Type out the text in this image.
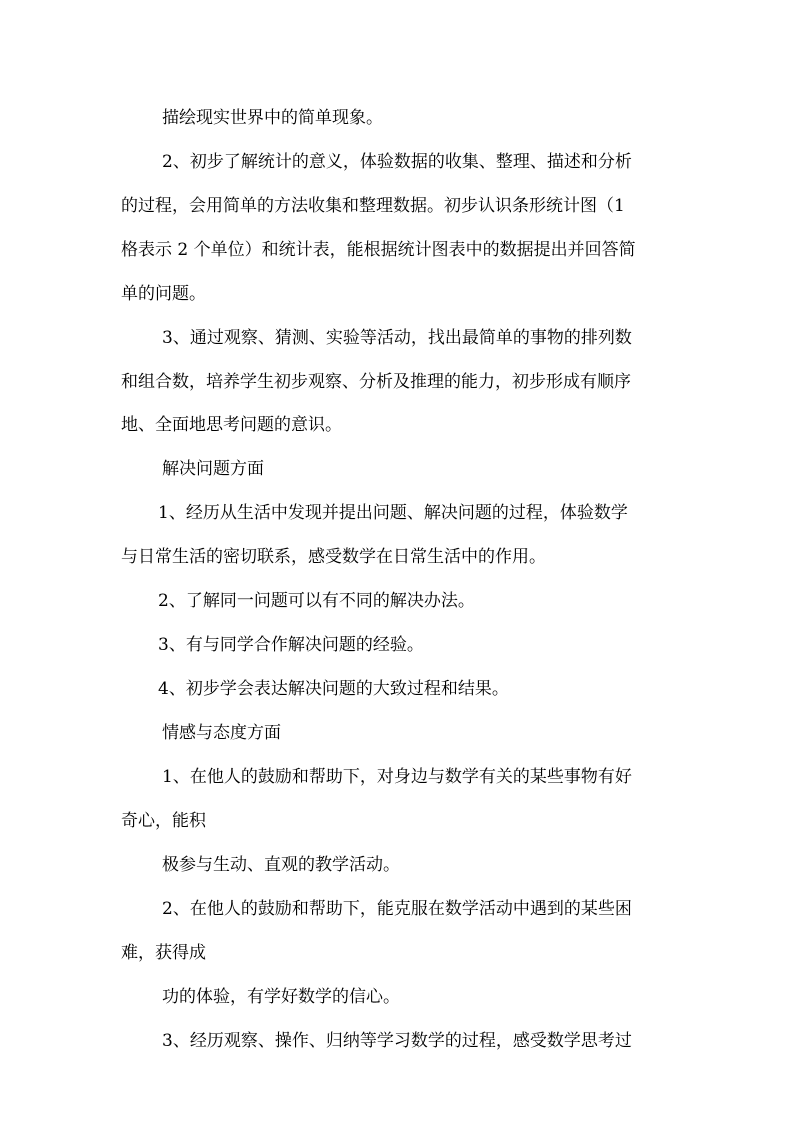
描绘现实世界中的简单现象。
2、初步了解统计的意义，体验数据的收集、整理、描述和分析
的过程，会用简单的方法收集和整理数据。初步认识条形统计图（1
格表示 2 个单位）和统计表，能根据统计图表中的数据提出并回答简
单的问题。
3、通过观察、猜测、实验等活动，找出最简单的事物的排列数
和组合数，培养学生初步观察、分析及推理的能力，初步形成有顺序
地、全面地思考问题的意识。
解决问题方面
1、经历从生活中发现并提出问题、解决问题的过程，体验数学
与日常生活的密切联系，感受数学在日常生活中的作用。
2、了解同一问题可以有不同的解决办法。
3、有与同学合作解决问题的经验。
4、初步学会表达解决问题的大致过程和结果。
情感与态度方面
1、在他人的鼓励和帮助下，对身边与数学有关的某些事物有好
奇心，能积
极参与生动、直观的教学活动。
2、在他人的鼓励和帮助下，能克服在数学活动中遇到的某些困
难，获得成
功的体验，有学好数学的信心。
3、经历观察、操作、归纳等学习数学的过程，感受数学思考过
